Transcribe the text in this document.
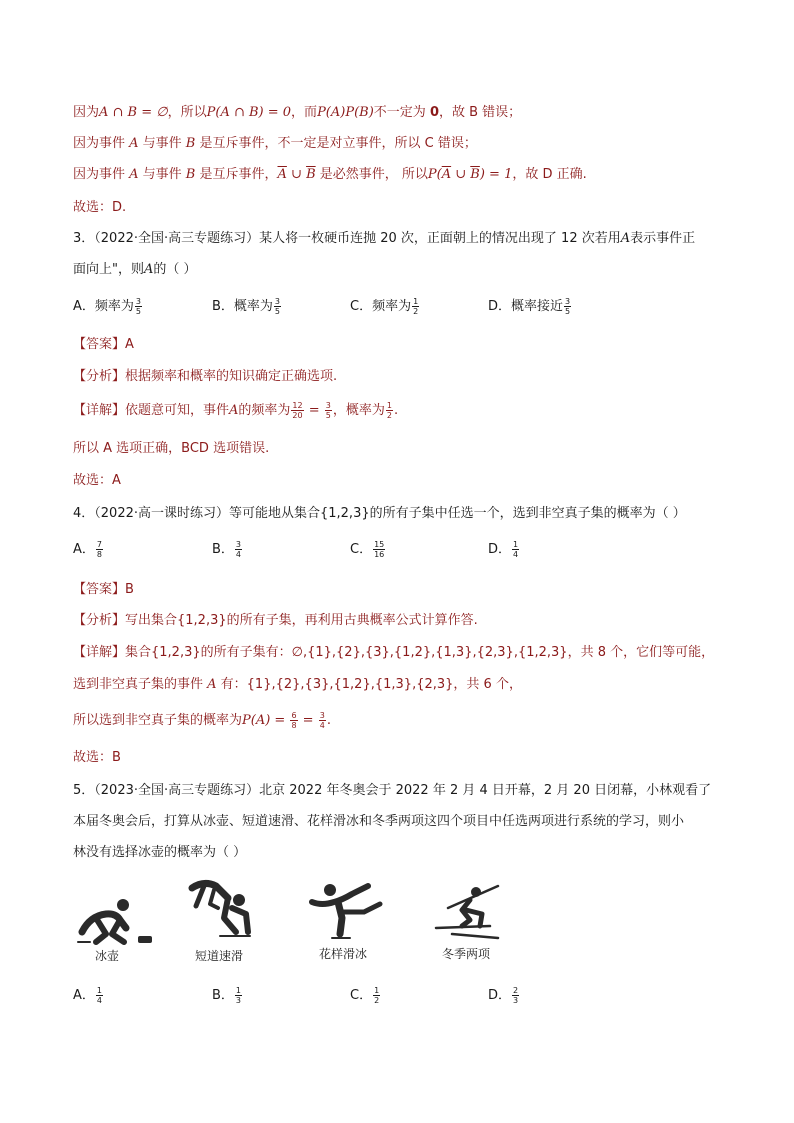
因为A ∩ B = ∅，所以P(A ∩ B) = 0，而P(A)P(B)不一定为 0，故 B 错误；
因为事件 A 与事件 B 是互斥事件，不一定是对立事件，所以 C 错误；
因为事件 A 与事件 B 是互斥事件，$\overline{A}$ ∪ $\overline{B}$ 是必然事件， 所以$P(\overline{A}$ ∪ $\overline{B}) = 1$，故 D 正确.
故选：D.
3．（2022·全国·高三专题练习）某人将一枚硬币连抛 20 次，正面朝上的情况出现了 12 次若用A表示事件正
面向上"，则A的（ ）
A．频率为 $\frac{3}{5}$	B．概率为 $\frac{3}{5}$	C．频率为 $\frac{1}{2}$	D．概率接近 $\frac{3}{5}$
【答案】A
【分析】根据频率和概率的知识确定正确选项.
【详解】依题意可知，事件A的频率为 $\frac{12}{20} = \frac{3}{5}$ ，概率为 $\frac{1}{2}$ .
所以 A 选项正确，BCD 选项错误.
故选：A
4．（2022·高一课时练习）等可能地从集合{1,2,3}的所有子集中任选一个，选到非空真子集的概率为（ ）
A． $\frac{7}{8}$	B． $\frac{3}{4}$	C． $\frac{15}{16}$	D． $\frac{1}{4}$
【答案】B
【分析】写出集合{1,2,3}的所有子集，再利用古典概率公式计算作答.
【详解】集合{1,2,3}的所有子集有：∅,{1},{2},{3},{1,2},{1,3},{2,3},{1,2,3}，共 8 个，它们等可能，
选到非空真子集的事件 A 有：{1},{2},{3},{1,2},{1,3},{2,3}，共 6 个，
所以选到非空真子集的概率为$P(A) = \frac{6}{8} = \frac{3}{4}$ .
故选：B
5．（2023·全国·高三专题练习）北京 2022 年冬奥会于 2022 年 2 月 4 日开幕，2 月 20 日闭幕，小林观看了
本届冬奥会后，打算从冰壶、短道速滑、花样滑冰和冬季两项这四个项目中任选两项进行系统的学习，则小
林没有选择冰壶的概率为（ ）
冰壶	短道速滑	花样滑冰	冬季两项
A． $\frac{1}{4}$	B． $\frac{1}{3}$	C． $\frac{1}{2}$	D． $\frac{2}{3}$
